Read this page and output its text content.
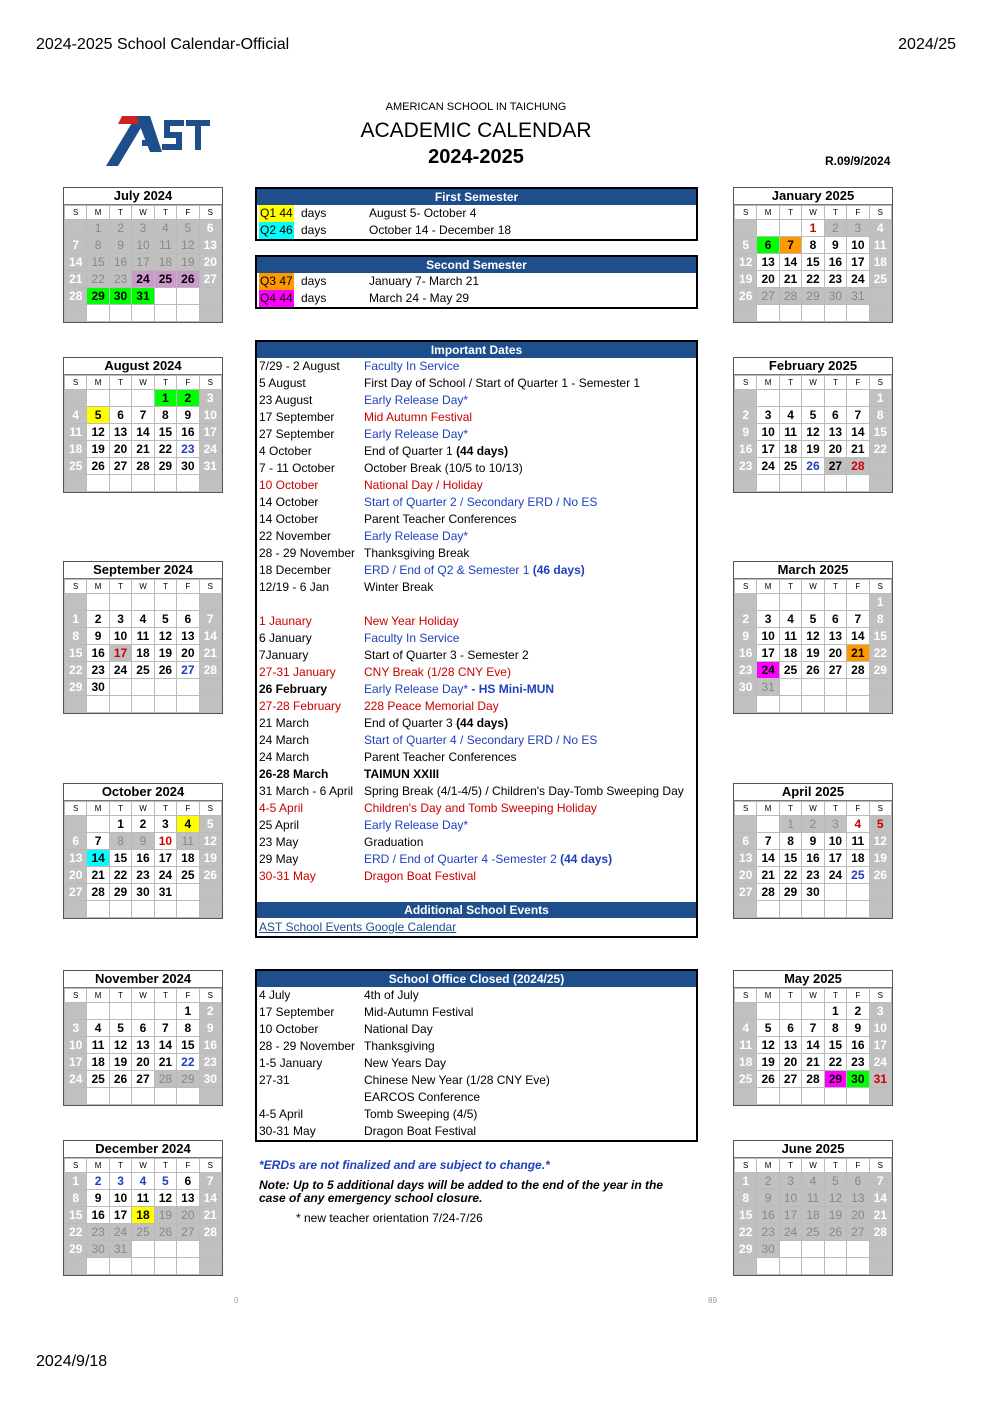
2024-2025 School Calendar-Official	2024/25
AMERICAN SCHOOL IN TAICHUNG
ACADEMIC CALENDAR
2024-2025	R.09/9/2024
July 2024
S	M	T	W	T	F	S
	1	2	3	4	5	6
7	8	9	10	11	12	13
14	15	16	17	18	19	20
21	22	23	24	25	26	27
28	29	30	31			

August 2024
S	M	T	W	T	F	S
				1	2	3
4	5	6	7	8	9	10
11	12	13	14	15	16	17
18	19	20	21	22	23	24
25	26	27	28	29	30	31

September 2024
S	M	T	W	T	F	S

1	2	3	4	5	6	7
8	9	10	11	12	13	14
15	16	17	18	19	20	21
22	23	24	25	26	27	28
29	30					

October 2024
S	M	T	W	T	F	S
		1	2	3	4	5
6	7	8	9	10	11	12
13	14	15	16	17	18	19
20	21	22	23	24	25	26
27	28	29	30	31		

November 2024
S	M	T	W	T	F	S
					1	2
3	4	5	6	7	8	9
10	11	12	13	14	15	16
17	18	19	20	21	22	23
24	25	26	27	28	29	30

December 2024
S	M	T	W	T	F	S
1	2	3	4	5	6	7
8	9	10	11	12	13	14
15	16	17	18	19	20	21
22	23	24	25	26	27	28
29	30	31				

January 2025
S	M	T	W	T	F	S
			1	2	3	4
5	6	7	8	9	10	11
12	13	14	15	16	17	18
19	20	21	22	23	24	25
26	27	28	29	30	31	

February 2025
S	M	T	W	T	F	S
						1
2	3	4	5	6	7	8
9	10	11	12	13	14	15
16	17	18	19	20	21	22
23	24	25	26	27	28	

March 2025
S	M	T	W	T	F	S
						1
2	3	4	5	6	7	8
9	10	11	12	13	14	15
16	17	18	19	20	21	22
23	24	25	26	27	28	29
30	31					

April 2025
S	M	T	W	T	F	S
		1	2	3	4	5
6	7	8	9	10	11	12
13	14	15	16	17	18	19
20	21	22	23	24	25	26
27	28	29	30			

May 2025
S	M	T	W	T	F	S
				1	2	3
4	5	6	7	8	9	10
11	12	13	14	15	16	17
18	19	20	21	22	23	24
25	26	27	28	29	30	31

June 2025
S	M	T	W	T	F	S
1	2	3	4	5	6	7
8	9	10	11	12	13	14
15	16	17	18	19	20	21
22	23	24	25	26	27	28
29	30					

First Semester
Q1 44 days	August 5- October 4
Q2 46 days	October 14 - December 18
Second Semester
Q3 47 days	January 7- March 21
Q4 44 days	March 24 - May 29
Important Dates
7/29 - 2 August Faculty In Service
5 August	First Day of School / Start of Quarter 1 - Semester 1
23 August	Early Release Day*
17 September Mid Autumn Festival
27 September Early Release Day*
4 October	End of Quarter 1 (44 days)
7 - 11 October October Break (10/5 to 10/13)
10 October	National Day / Holiday
14 October	Start of Quarter 2 / Secondary ERD / No ES
14 October	Parent Teacher Conferences
22 November	Early Release Day*
28 - 29 November Thanksgiving Break
18 December	ERD / End of Q2 & Semester 1 (46 days)
12/19 - 6 Jan	Winter Break
1 Jaunary	New Year Holiday
6 January	Faculty In Service
7January	Start of Quarter 3 - Semester 2
27-31 January CNY Break (1/28 CNY Eve)
26 February	Early Release Day* - HS Mini-MUN
27-28 February 228 Peace Memorial Day
21 March	End of Quarter 3 (44 days)
24 March	Start of Quarter 4 / Secondary ERD / No ES
24 March	Parent Teacher Conferences
26-28 March	TAIMUN XXIII
31 March - 6 April Spring Break (4/1-4/5) / Children's Day-Tomb Sweeping Day
4-5 April	Children's Day and Tomb Sweeping Holiday
25 April	Early Release Day*
23 May	Graduation
29 May	ERD / End of Quarter 4 -Semester 2 (44 days)
30-31 May	Dragon Boat Festival
Additional School Events
AST School Events Google Calendar
School Office Closed (2024/25)
4 July	4th of July
17 September Mid-Autumn Festival
10 October	National Day
28 - 29 November Thanksgiving
1-5 January	New Years Day
27-31	Chinese New Year (1/28 CNY Eve)
EARCOS Conference
4-5 April	Tomb Sweeping (4/5)
30-31 May	Dragon Boat Festival
*ERDs are not finalized and are subject to change.*
Note: Up to 5 additional days will be added to the end of the year in the case of any emergency school closure.
* new teacher orientation 7/24-7/26
0	89
2024/9/18
